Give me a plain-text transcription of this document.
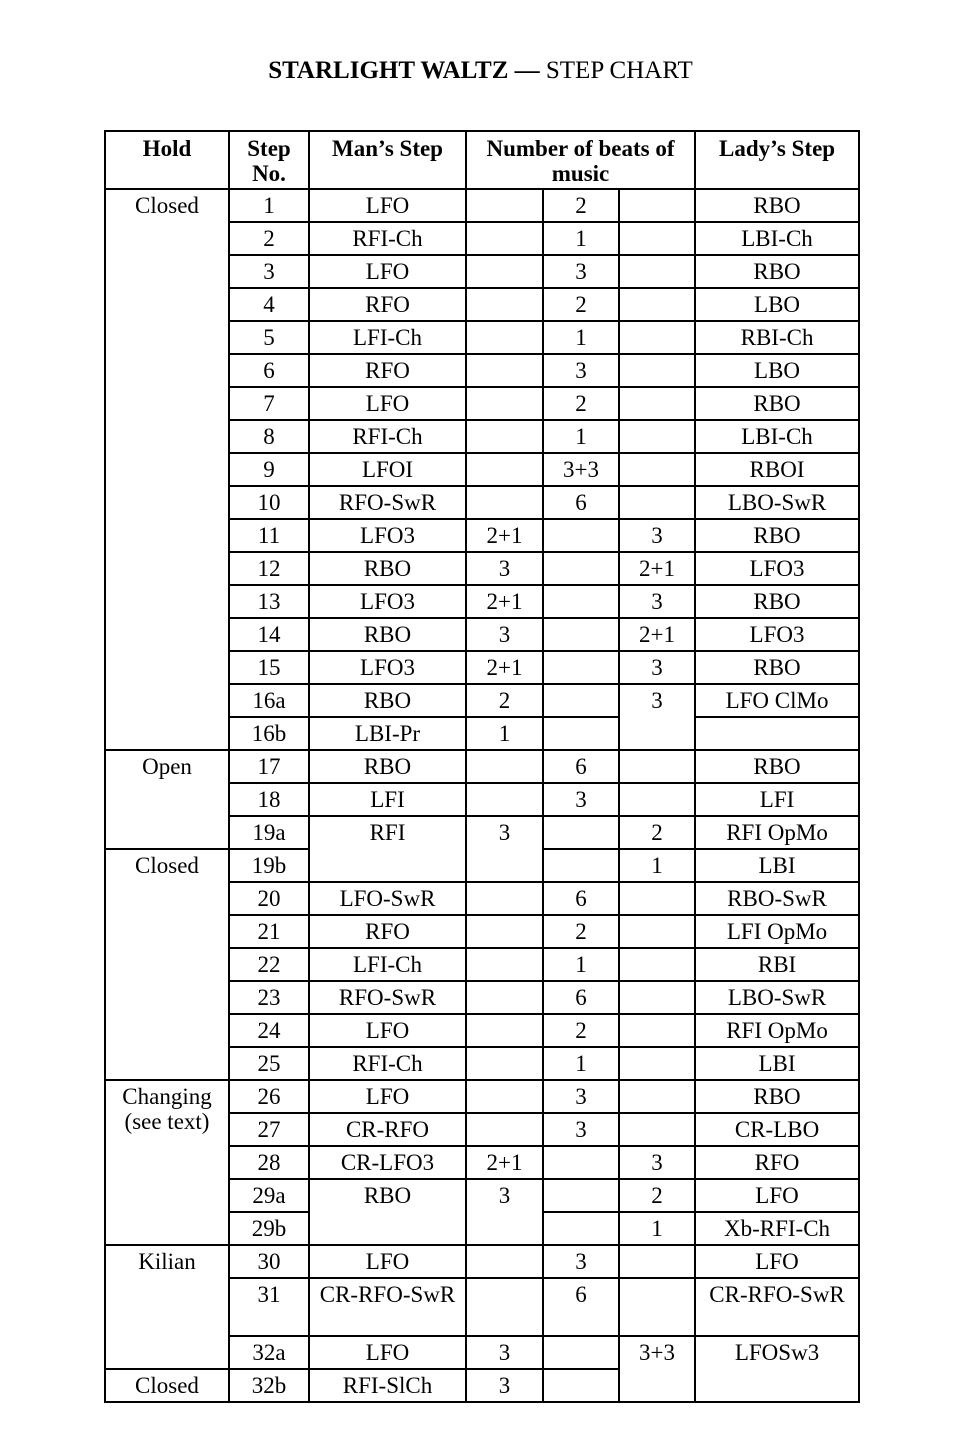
STARLIGHT WALTZ — STEP CHART
Hold	Step No.	Man’s Step	Number of beats of music			Lady’s Step
Closed	1	LFO		2		RBO
	2	RFI-Ch		1		LBI-Ch
	3	LFO		3		RBO
	4	RFO		2		LBO
	5	LFI-Ch		1		RBI-Ch
	6	RFO		3		LBO
	7	LFO		2		RBO
	8	RFI-Ch		1		LBI-Ch
	9	LFOI		3+3		RBOI
	10	RFO-SwR		6		LBO-SwR
	11	LFO3	2+1		3	RBO
	12	RBO	3		2+1	LFO3
	13	LFO3	2+1		3	RBO
	14	RBO	3		2+1	LFO3
	15	LFO3	2+1		3	RBO
	16a	RBO	2		3	LFO ClMo
	16b	LBI-Pr	1			
Open	17	RBO		6		RBO
	18	LFI		3		LFI
	19a	RFI	3		2	RFI OpMo
Closed	19b				1	LBI
	20	LFO-SwR		6		RBO-SwR
	21	RFO		2		LFI OpMo
	22	LFI-Ch		1		RBI
	23	RFO-SwR		6		LBO-SwR
	24	LFO		2		RFI OpMo
	25	RFI-Ch		1		LBI

Changing
(see text)	26	LFO		3		RBO
	27	CR-RFO		3		CR-LBO
	28	CR-LFO3	2+1		3	RFO
	29a	RBO	3		2	LFO
	29b				1	Xb-RFI-Ch
Kilian	30	LFO		3		LFO
	31	CR-RFO-SwR		6		CR-RFO-SwR
	32a	LFO	3		3+3	LFOSw3
Closed	32b	RFI-SlCh	3			
